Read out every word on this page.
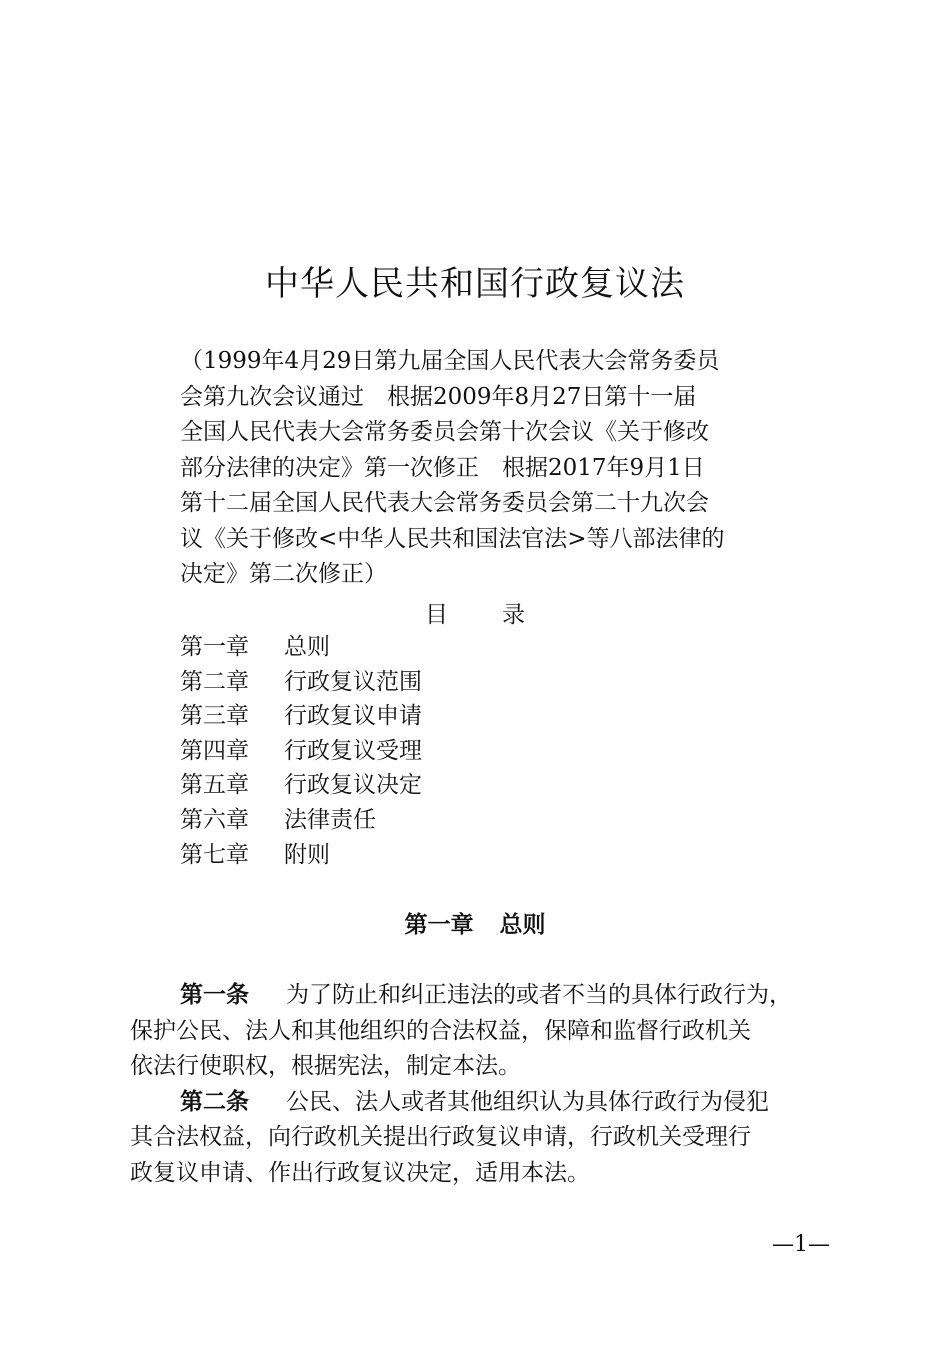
中华人民共和国行政复议法
（1999年4月29日第九届全国人民代表大会常务委员
会第九次会议通过　根据2009年8月27日第十一届
全国人民代表大会常务委员会第十次会议《关于修改
部分法律的决定》第一次修正　根据2017年9月1日
第十二届全国人民代表大会常务委员会第二十九次会
议《关于修改<中华人民共和国法官法>等八部法律的
决定》第二次修正）
目录
第一章 总则
第二章 行政复议范围
第三章 行政复议申请
第四章 行政复议受理
第五章 行政复议决定
第六章 法律责任
第七章 附则
第一章 总则
第一条 为了防止和纠正违法的或者不当的具体行政行为，
保护公民、法人和其他组织的合法权益，保障和监督行政机关
依法行使职权，根据宪法，制定本法。
第二条 公民、法人或者其他组织认为具体行政行为侵犯
其合法权益，向行政机关提出行政复议申请，行政机关受理行
政复议申请、作出行政复议决定，适用本法。
—1—
